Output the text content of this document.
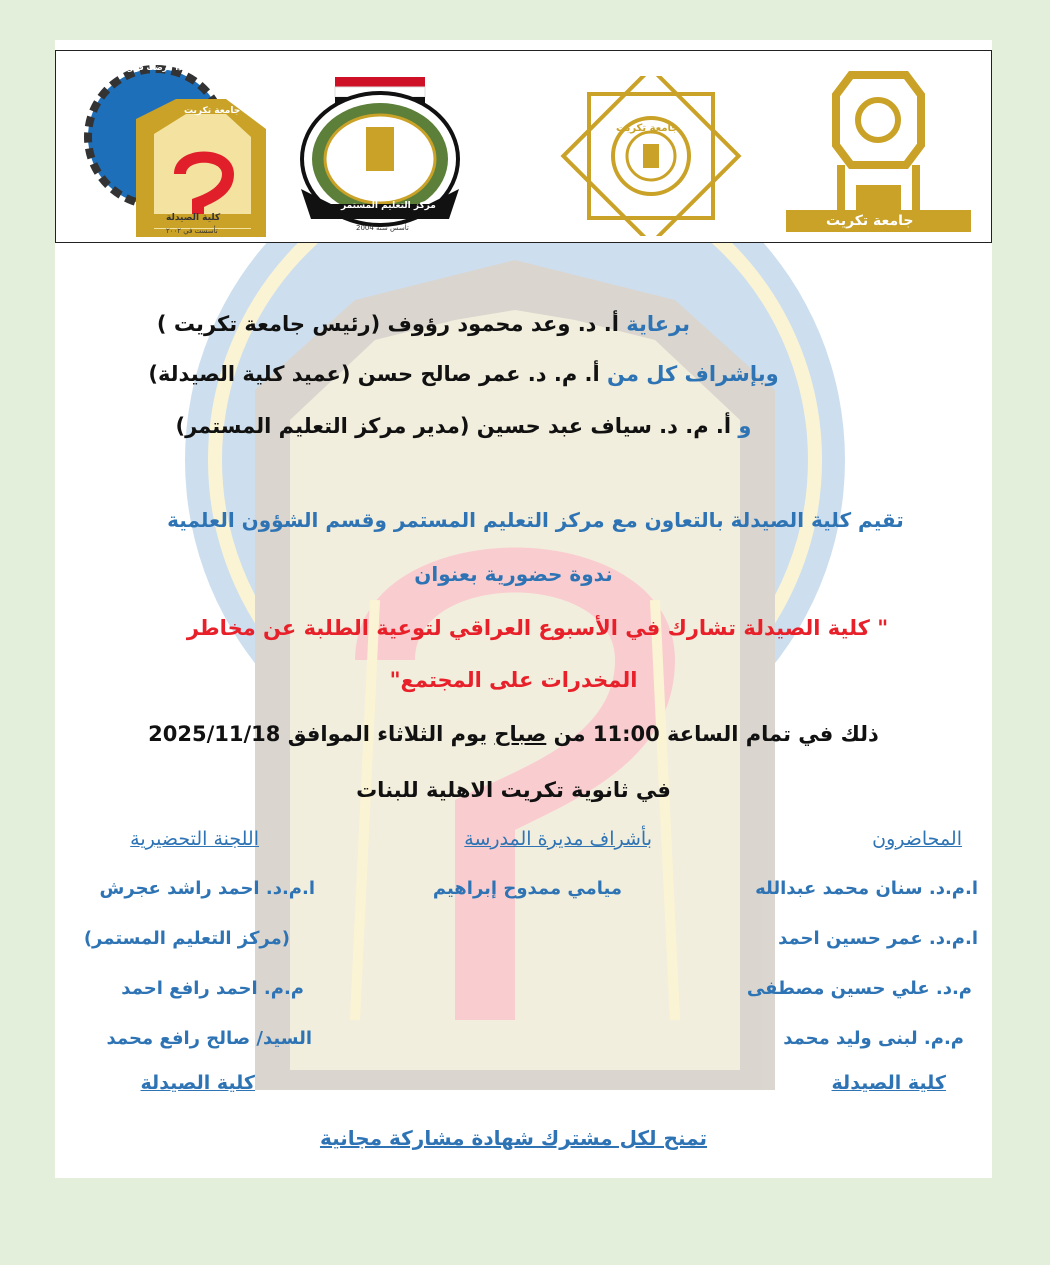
واذا مرضت فهو يشفين
جامعة تكريت
كلية الصيدلة
تأسست في ٢٠٠٢
مركز التعليم المستمر
تأسس سنة 2004
جامعة تكريت
جامعة تكريت
برعاية أ. د. وعد محمود رؤوف (رئيس جامعة تكريت )
وبإشراف كل من أ. م. د. عمر صالح حسن (عميد كلية الصيدلة)
و أ. م. د. سياف عبد حسين (مدير مركز التعليم المستمر)
تقيم كلية الصيدلة بالتعاون مع مركز التعليم المستمر وقسم الشؤون العلمية
ندوة حضورية بعنوان
" كلية الصيدلة تشارك في الأسبوع العراقي لتوعية الطلبة عن مخاطر
المخدرات على المجتمع"
ذلك في تمام الساعة 11:00 من صباح يوم الثلاثاء الموافق 2025/11/18
في ثانوية تكريت الاهلية للبنات
المحاضرون
ا.م.د. سنان محمد عبدالله
ا.م.د. عمر حسين احمد
م.د. علي حسين مصطفى
م.م. لبنى وليد محمد
كلية الصيدلة
بأشراف مديرة المدرسة
ميامي ممدوح إبراهيم
اللجنة التحضيرية
ا.م.د. احمد راشد عجرش
(مركز التعليم المستمر)
م.م. احمد رافع احمد
السيد/ صالح رافع محمد
كلية الصيدلة
تمنح لكل مشترك شهادة مشاركة مجانية
